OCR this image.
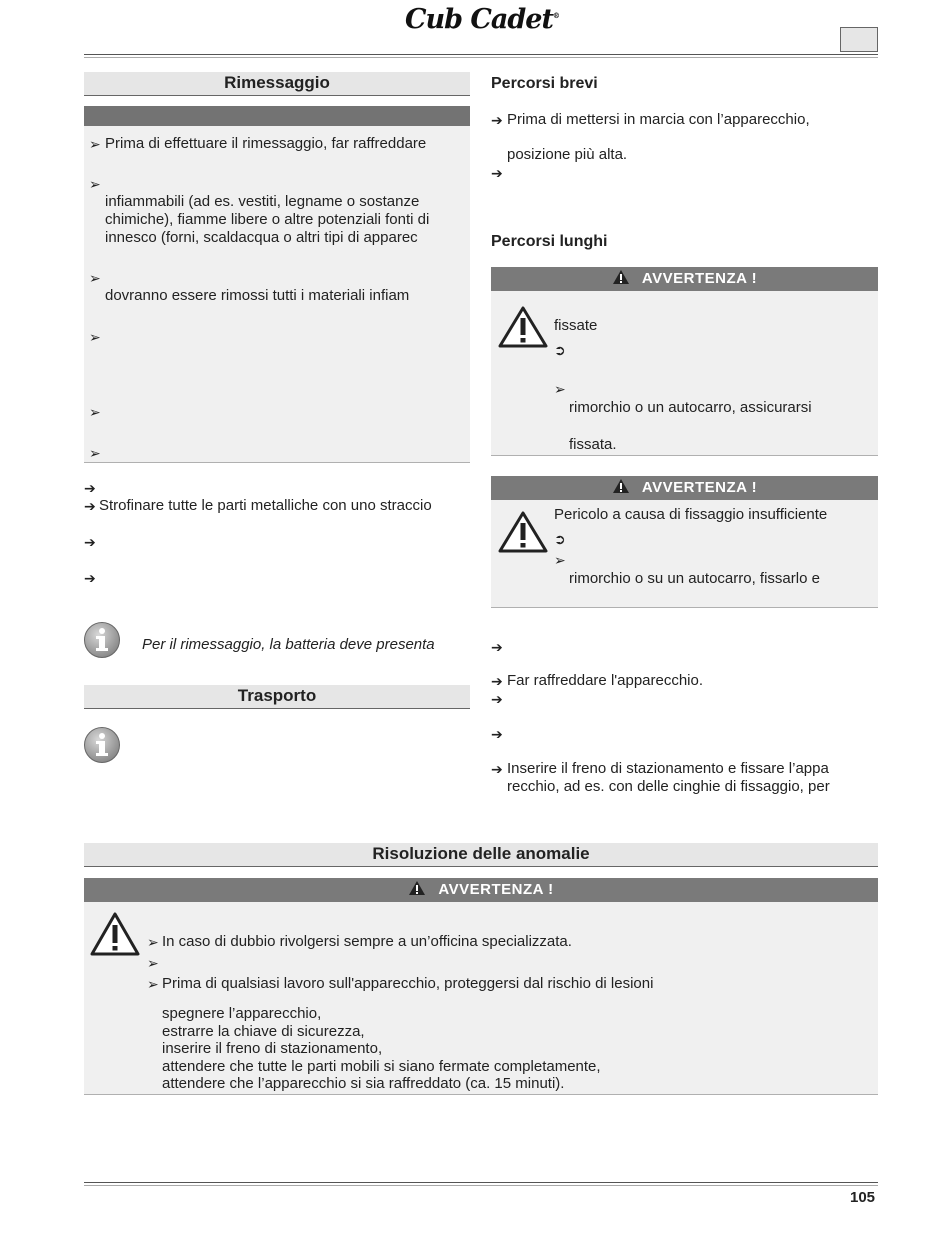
Cub Cadet®
Rimessaggio
➢ Prima di effettuare il rimessaggio, far raffreddare
➢
infiammabili (ad es. vestiti, legname o sostanze
chimiche), fiamme libere o altre potenziali fonti di
innesco (forni, scaldacqua o altri tipi di apparec
➢
dovranno essere rimossi tutti i materiali infiam
➢
➢
➢
➔
➔ Strofinare tutte le parti metalliche con uno straccio
➔
➔
Per il rimessaggio, la batteria deve presenta
Trasporto
Percorsi brevi
➔ Prima di mettersi in marcia con l’apparecchio,
posizione più alta.
➔
Percorsi lunghi
AVVERTENZA !
fissate
➲
➢
rimorchio o un autocarro, assicurarsi
fissata.
AVVERTENZA !
Pericolo a causa di fissaggio insufficiente
➲
➢
rimorchio o su un autocarro, fissarlo e
➔
➔ Far raffreddare l'apparecchio.
➔
➔
➔ Inserire il freno di stazionamento e fissare l’appa
recchio, ad es. con delle cinghie di fissaggio, per
Risoluzione delle anomalie
AVVERTENZA !
➢ In caso di dubbio rivolgersi sempre a un’officina specializzata.
➢
➢ Prima di qualsiasi lavoro sull'apparecchio, proteggersi dal rischio di lesioni
spegnere l’apparecchio,
estrarre la chiave di sicurezza,
inserire il freno di stazionamento,
attendere che tutte le parti mobili si siano fermate completamente,
attendere che l’apparecchio si sia raffreddato (ca. 15 minuti).
105
